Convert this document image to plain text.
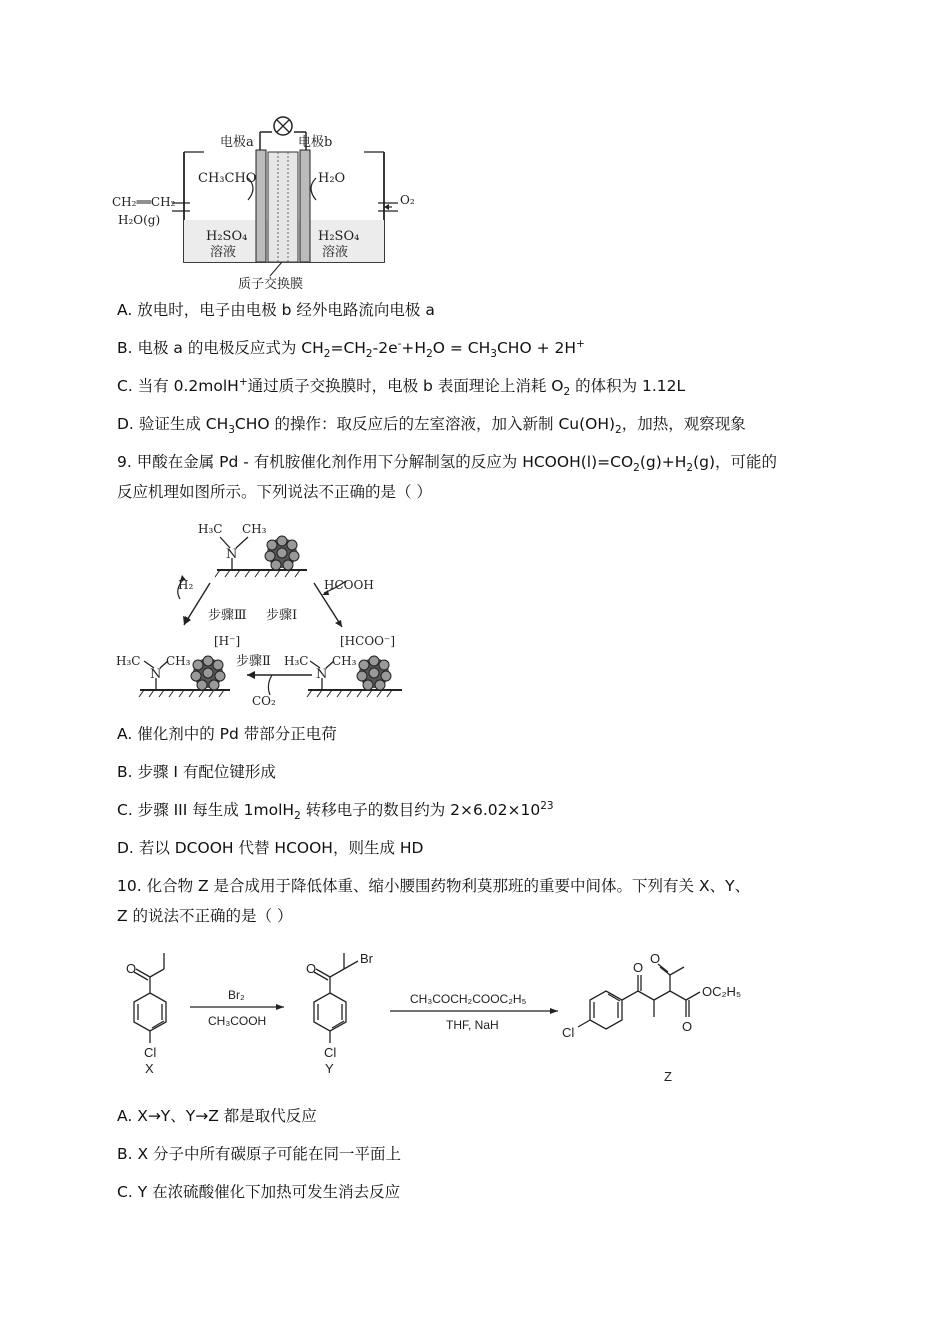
电极a	电极b
CH₃CHO	H₂O
CH₂══CH₂
H₂O(g)
O₂
H₂SO₄
溶液
H₂SO₄
溶液
质子交换膜
A. 放电时，电子由电极 b 经外电路流向电极 a
B. 电极 a 的电极反应式为 $CH_2=CH_2-2e^-+H_2O = CH_3CHO + 2H^+$
C. 当有 0.2molH+通过质子交换膜时，电极 b 表面理论上消耗 $O_2$ 的体积为 1.12L
D. 验证生成 $CH_3CHO$ 的操作：取反应后的左室溶液，加入新制 $Cu(OH)_2$，加热，观察现象
9. 甲酸在金属 Pd - 有机胺催化剂作用下分解制氢的反应为 $HCOOH(l)=CO_2(g)+H_2(g)$，可能的
反应机理如图所示。下列说法不正确的是（ ）
N
H₃C CH₃
H₂	HCOOH
步骤Ⅲ 步骤Ⅰ
步骤Ⅱ
[H⁻]	[HCOO⁻]
CO₂
N
H₃C CH₃
N
H₃C CH₃
A. 催化剂中的 Pd 带部分正电荷
B. 步骤 I 有配位键形成
C. 步骤 III 每生成 1molH$_2$ 转移电子的数目约为 $2\times 6.02\times 10^{23}$
D. 若以 DCOOH 代替 HCOOH，则生成 HD
10. 化合物 Z 是合成用于降低体重、缩小腰围药物利莫那班的重要中间体。下列有关 X、Y、
Z 的说法不正确的是（ ）
O
Cl
X
Br₂
CH₃COOH
O
Br
Cl
Y
CH₃COCH₂COOC₂H₅
THF, NaH
O
O
O
OC₂H₅
Cl
Z
A. X→Y、Y→Z 都是取代反应
B. X 分子中所有碳原子可能在同一平面上
C. Y 在浓硫酸催化下加热可发生消去反应
